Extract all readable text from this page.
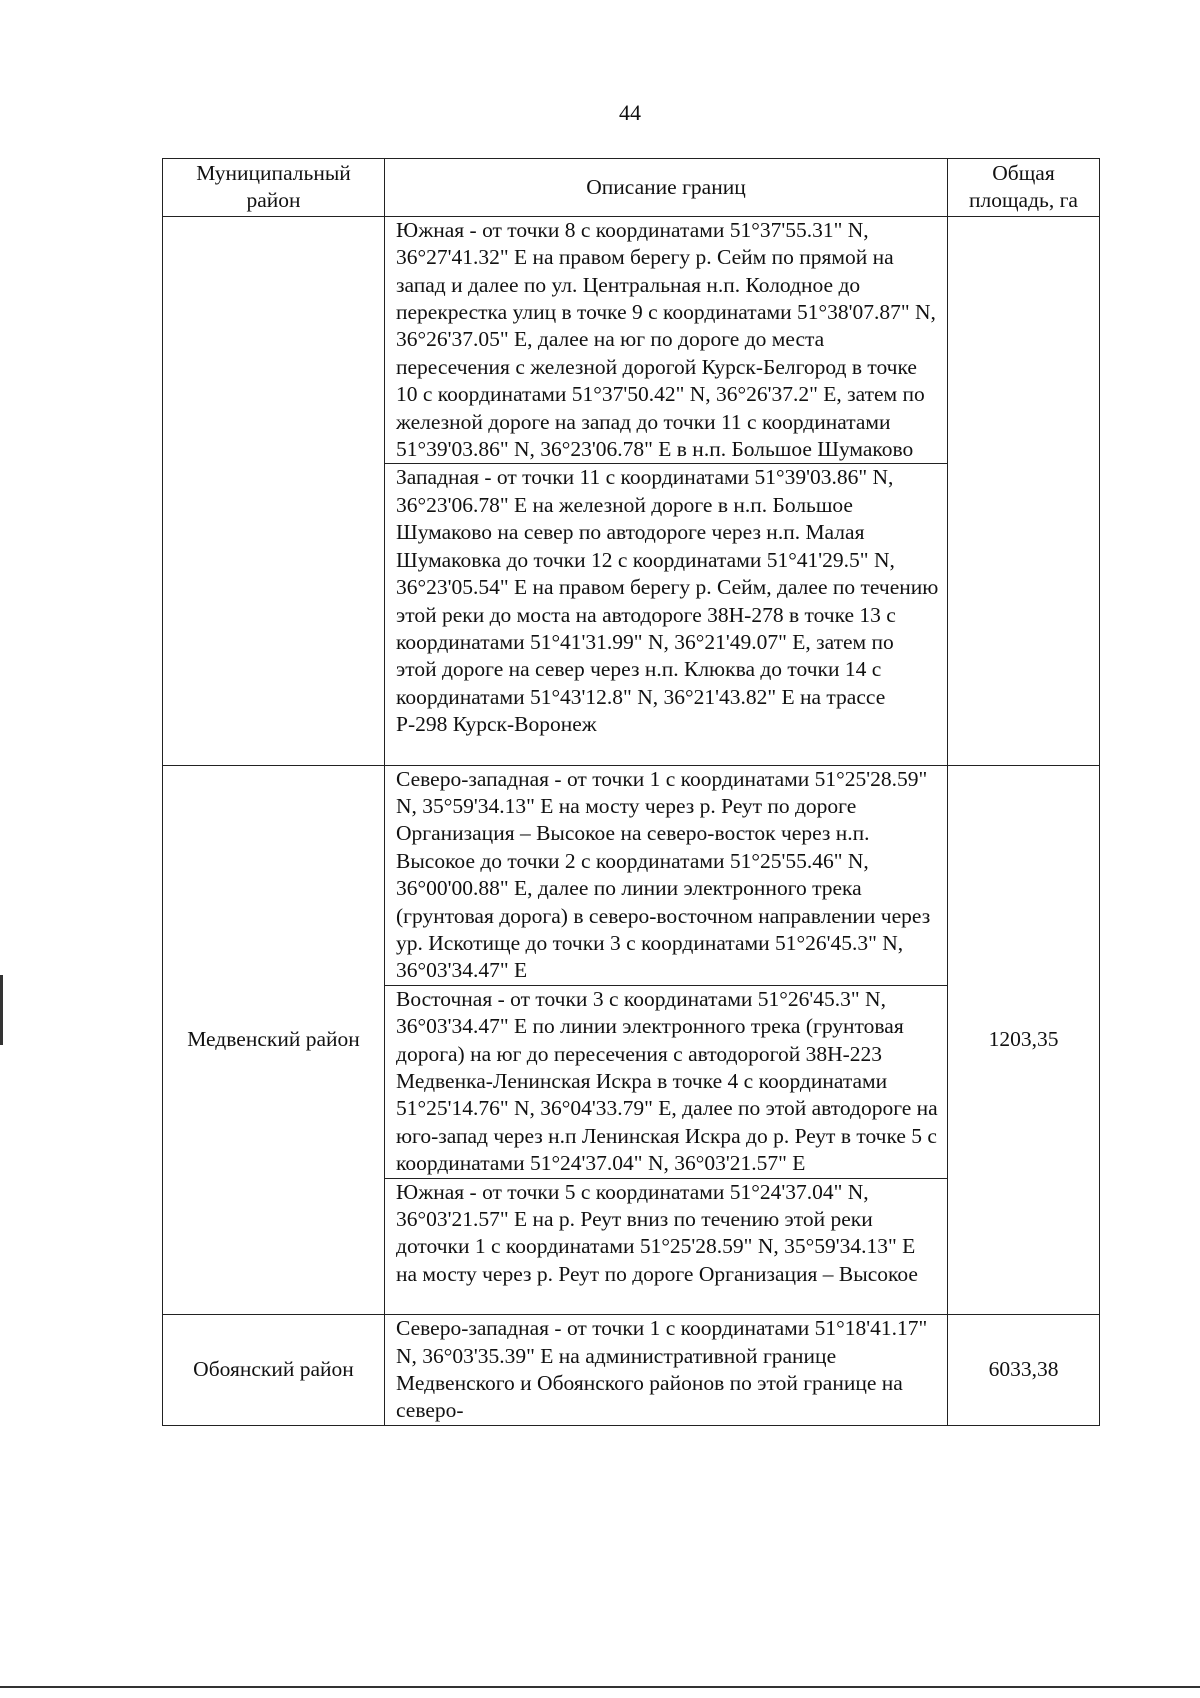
44
Муниципальный район	Описание границ	Общая площадь, га
	Южная - от точки 8 с координатами 51°37'55.31" N, 36°27'41.32" Е на правом берегу р. Сейм по прямой на запад и далее по ул. Центральная н.п. Колодное до перекрестка улиц в точке 9 с координатами 51°38'07.87" N, 36°26'37.05" Е, далее на юг по дороге до места пересечения с железной дорогой Курск-Белгород в точке 10 с координатами 51°37'50.42" N, 36°26'37.2" Е, затем по железной дороге на запад до точки 11 с координатами 51°39'03.86" N, 36°23'06.78" Е в н.п. Большое Шумаково	

	Западная - от точки 11 с координатами 51°39'03.86" N, 36°23'06.78" Е на железной дороге в н.п. Большое Шумаково на север по автодороге через н.п. Малая Шумаковка до точки 12 с координатами 51°41'29.5" N, 36°23'05.54" Е на правом берегу р. Сейм, далее по течению этой реки до моста на автодороге 38Н-278 в точке 13 с координатами 51°41'31.99" N, 36°21'49.07" Е, затем по этой дороге на север через н.п. Клюква до точки 14 с координатами 51°43'12.8" N, 36°21'43.82" Е на трассе Р-298 Курск-Воронеж	

Медвенский район	Северо-западная - от точки 1 с координатами 51°25'28.59" N, 35°59'34.13" Е на мосту через р. Реут по дороге Организация – Высокое на северо-восток через н.п. Высокое до точки 2 с координатами 51°25'55.46" N, 36°00'00.88" Е, далее по линии электронного трека (грунтовая дорога) в северо-восточном направлении через ур. Искотище до точки 3 с координатами 51°26'45.3" N, 36°03'34.47" Е	1203,35
	Восточная - от точки 3 с координатами 51°26'45.3" N, 36°03'34.47" Е по линии электронного трека (грунтовая дорога) на юг до пересечения с автодорогой 38Н-223 Медвенка-Ленинская Искра в точке 4 с координатами 51°25'14.76" N, 36°04'33.79" Е, далее по этой автодороге на юго-запад через н.п Ленинская Искра до р. Реут в точке 5 с координатами 51°24'37.04" N, 36°03'21.57" Е	

	Южная - от точки 5 с координатами 51°24'37.04" N, 36°03'21.57" Е на р. Реут вниз по течению этой реки доточки 1 с координатами 51°25'28.59" N, 35°59'34.13" Е на мосту через р. Реут по дороге Организация – Высокое	

Обоянский район	Северо-западная - от точки 1 с координатами 51°18'41.17" N, 36°03'35.39" Е на административной границе Медвенского и Обоянского районов по этой границе на северо-	6033,38
